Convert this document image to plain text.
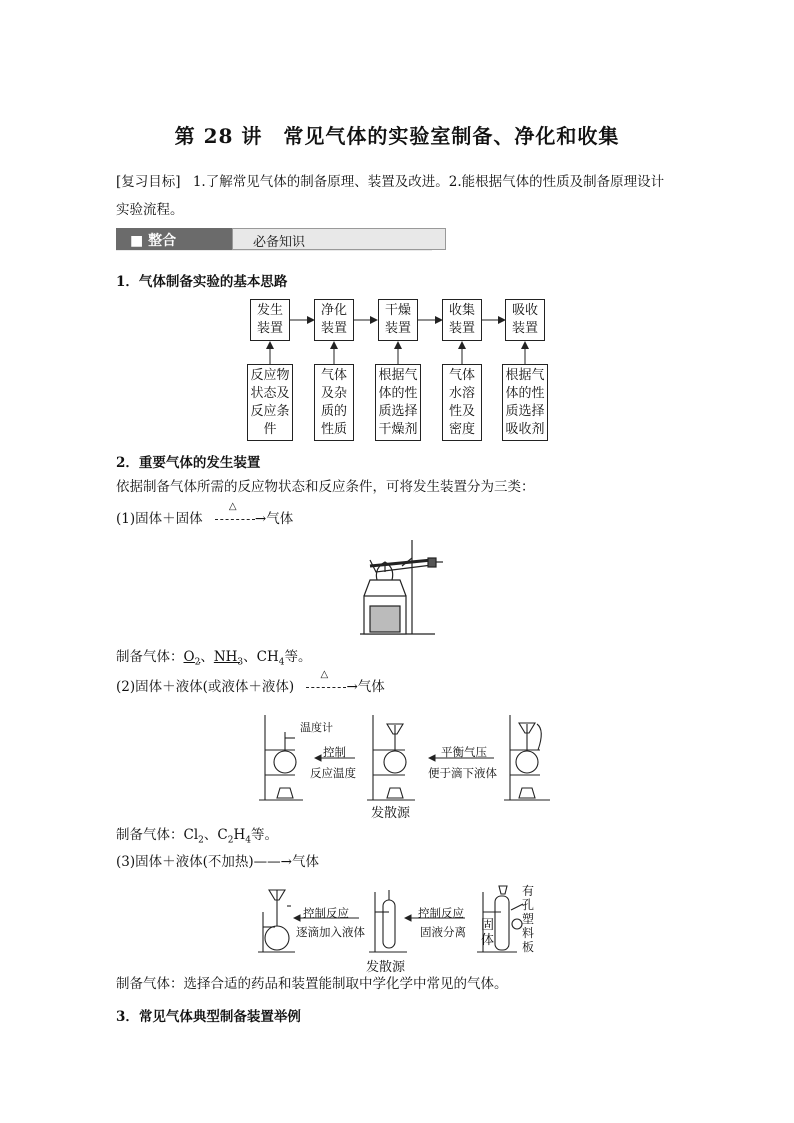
第 28 讲　常见气体的实验室制备、净化和收集
[复习目标] 1.了解常见气体的制备原理、装置及改进。2.能根据气体的性质及制备原理设计
实验流程。
■ 整合	必备知识
1．气体制备实验的基本思路
发生
装置
净化
装置
干燥
装置
收集
装置
吸收
装置
反应物
状态及
反应条
件
气体
及杂
质的
性质
根据气
体的性
质选择
干燥剂
气体
水溶
性及
密度
根据气
体的性
质选择
吸收剂
2．重要气体的发生装置
依据制备气体所需的反应物状态和反应条件，可将发生装置分为三类：
(1)固体＋固体
△
→气体
制备气体：$O_2$、$NH_3$、$CH_4$等。
(2)固体＋液体(或液体＋液体)
△
→气体
温度计
控制
反应温度
平衡气压
便于滴下液体
发散源
制备气体：$Cl_2$、$C_2H_4$等。
(3)固体＋液体(不加热)——→气体
控制反应
逐滴加入液体
控制反应
固液分离 固
体
有
孔
塑
料
板
发散源
制备气体：选择合适的药品和装置能制取中学化学中常见的气体。
3．常见气体典型制备装置举例
